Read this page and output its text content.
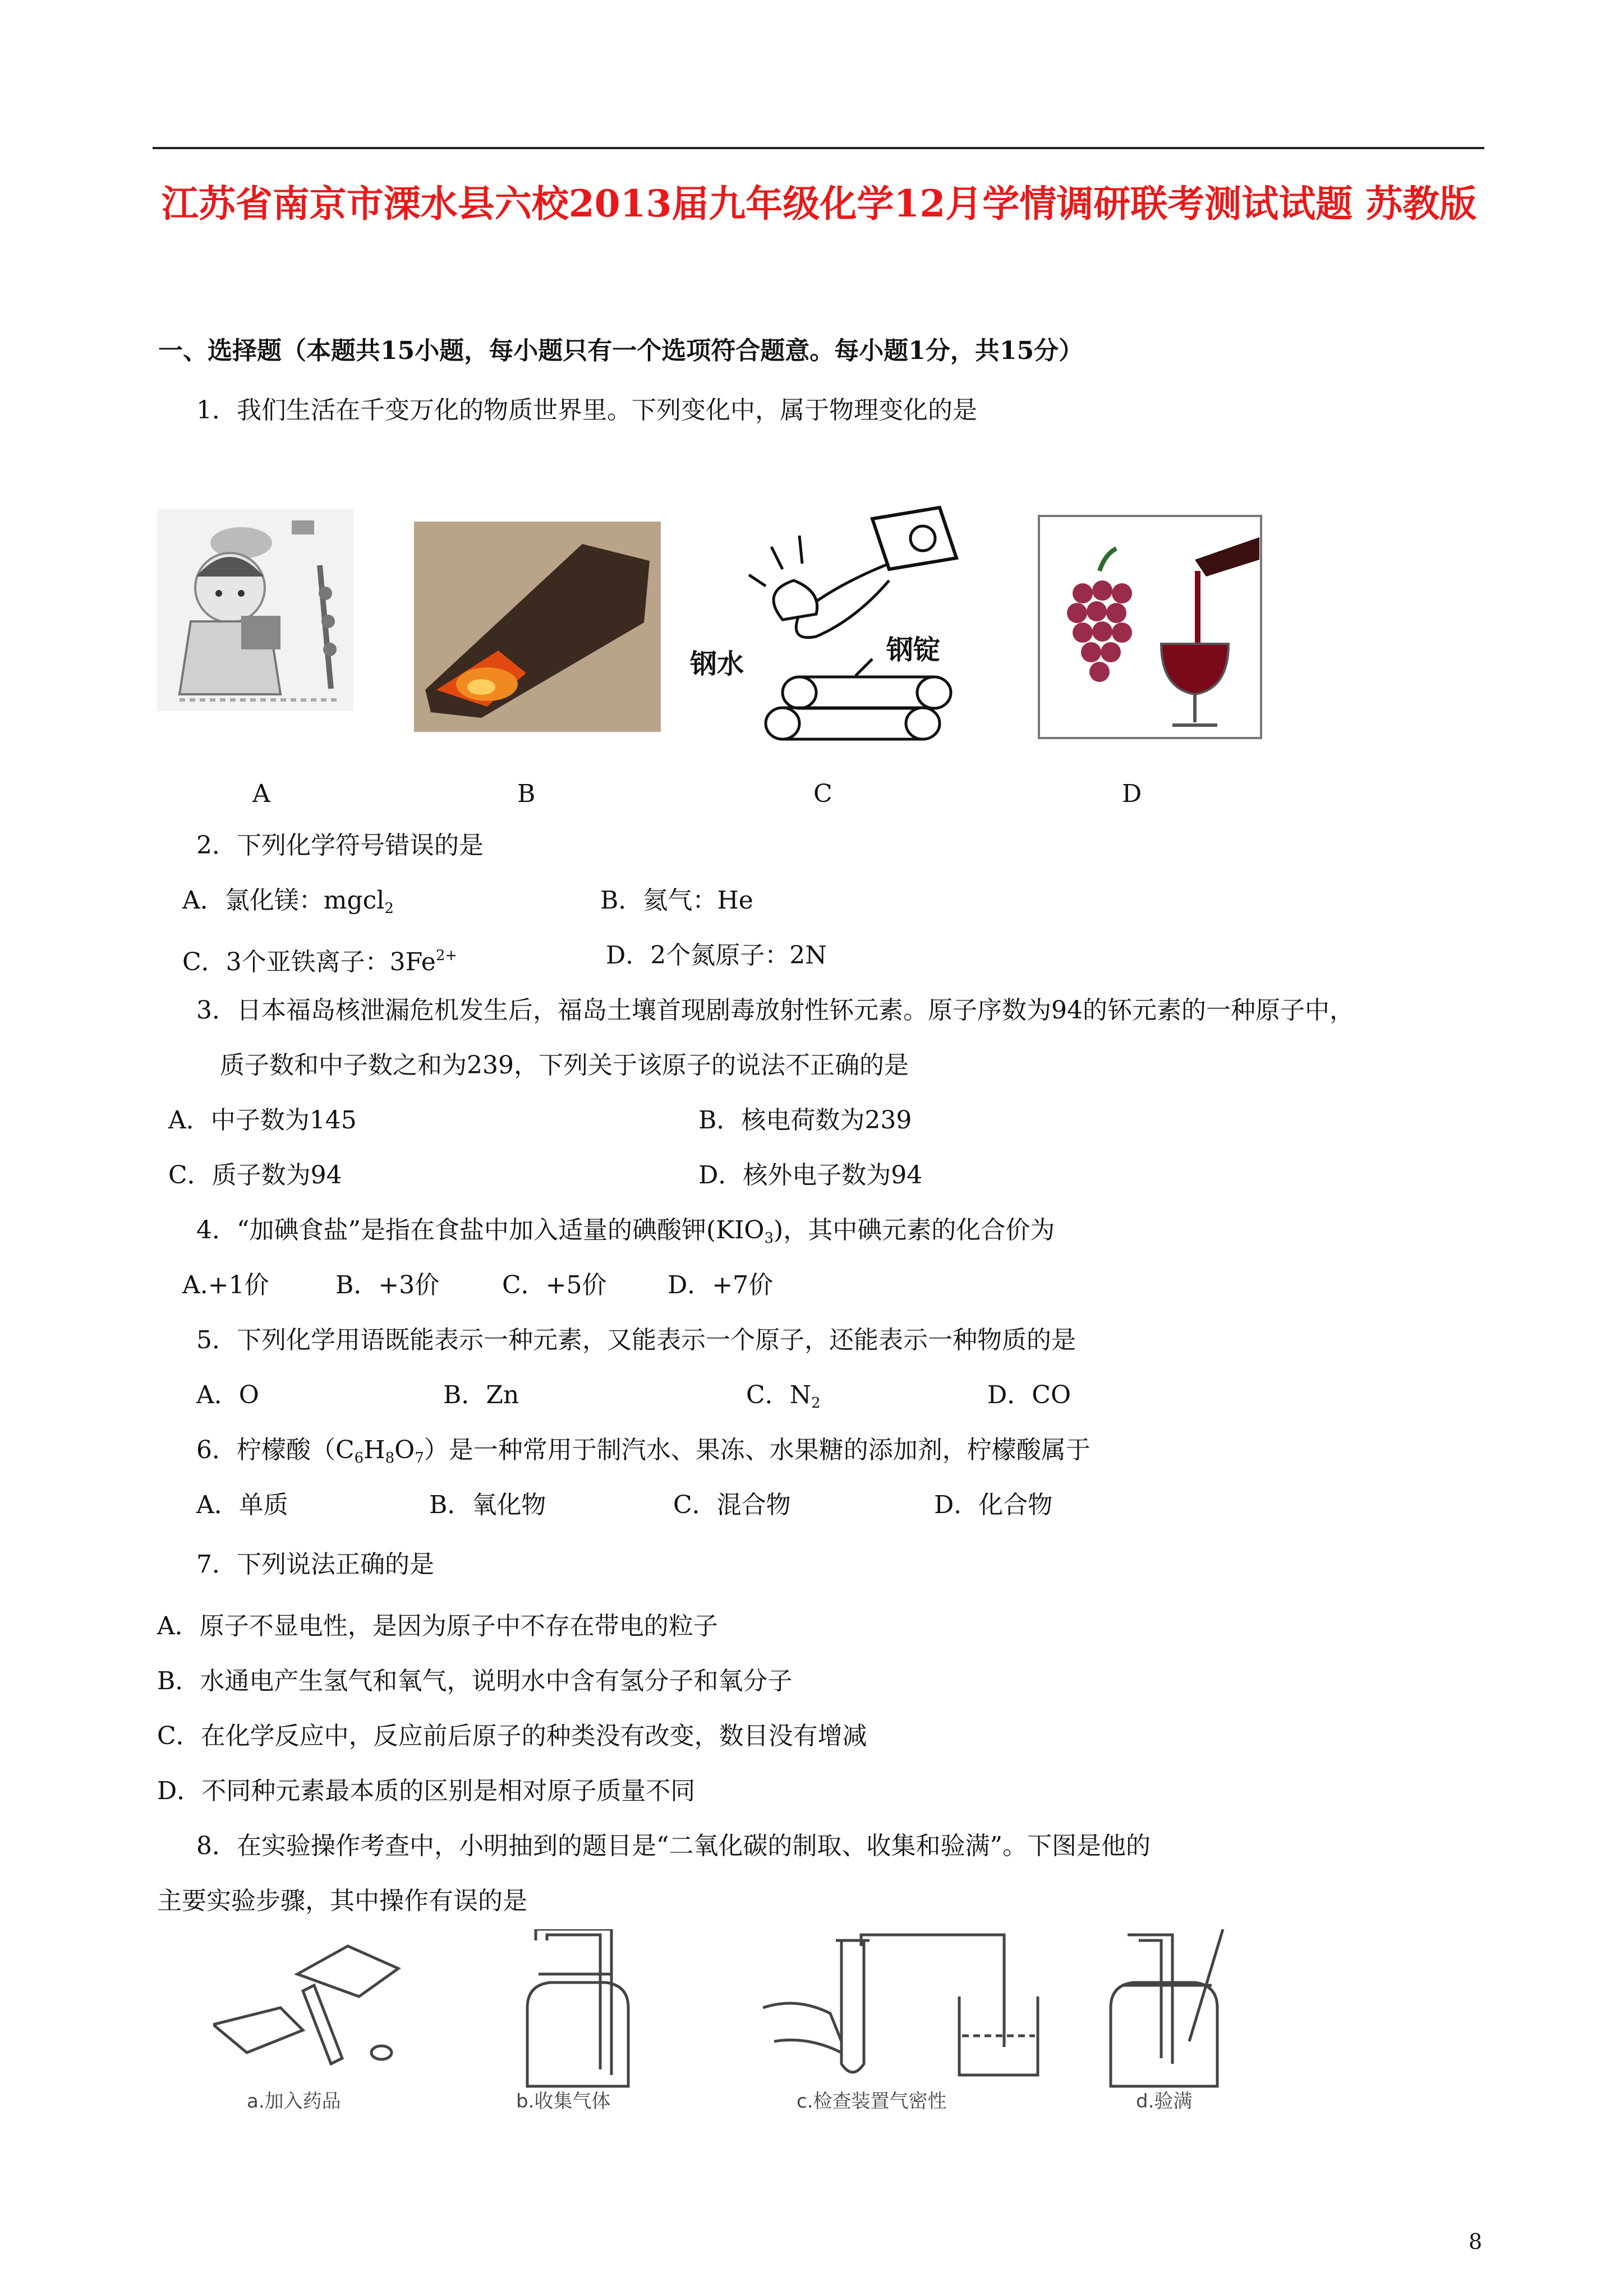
江苏省南京市溧水县六校2013届九年级化学12月学情调研联考测试试题 苏教版
一、选择题（本题共15小题，每小题只有一个选项符合题意。每小题1分，共15分）
1．我们生活在千变万化的物质世界里。下列变化中，属于物理变化的是
钢水	钢锭
A	B	C	D
2．下列化学符号错误的是
A．氯化镁：mgcl$_2$	B．氦气：He
C．3个亚铁离子：$3Fe^{2+}$	D．2个氮原子：2N
3．日本福岛核泄漏危机发生后，福岛土壤首现剧毒放射性钚元素。原子序数为94的钚元素的一种原子中，
质子数和中子数之和为239，下列关于该原子的说法不正确的是
A．中子数为145	B．核电荷数为239
C．质子数为94	D．核外电子数为94
4．“加碘食盐”是指在食盐中加入适量的碘酸钾$(KIO_3)$，其中碘元素的化合价为
A.+1价	B．+3价	C．+5价 D．+7价
5．下列化学用语既能表示一种元素，又能表示一个原子，还能表示一种物质的是
A．O	B．Zn	C．$N_2$	D．CO
6．柠檬酸$(C_6H_8O_7)$是一种常用于制汽水、果冻、水果糖的添加剂，柠檬酸属于
A．单质	B．氧化物	C．混合物	D．化合物
7．下列说法正确的是
A．原子不显电性，是因为原子中不存在带电的粒子
B．水通电产生氢气和氧气，说明水中含有氢分子和氧分子
C．在化学反应中，反应前后原子的种类没有改变，数目没有增减
D．不同种元素最本质的区别是相对原子质量不同
8．在实验操作考查中，小明抽到的题目是“二氧化碳的制取、收集和验满”。下图是他的
主要实验步骤，其中操作有误的是
a.加入药品	b.收集气体	c.检查装置气密性	d.验满
8
